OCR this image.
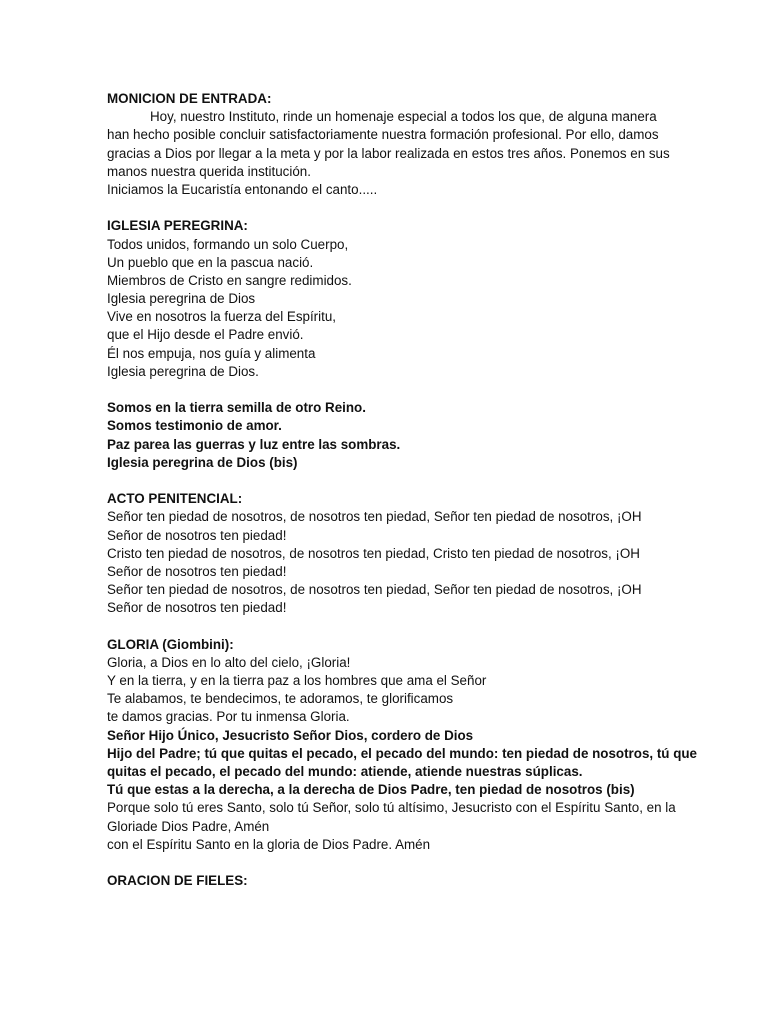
MONICION DE ENTRADA:
Hoy, nuestro Instituto, rinde un homenaje especial a todos los que, de alguna manera
han hecho posible concluir satisfactoriamente nuestra formación profesional. Por ello, damos
gracias a Dios por llegar a la meta y por la labor realizada en estos tres años. Ponemos en sus
manos nuestra querida institución.
Iniciamos la Eucaristía entonando el canto.....
IGLESIA PEREGRINA:
Todos unidos, formando un solo Cuerpo,
Un pueblo que en la pascua nació.
Miembros de Cristo en sangre redimidos.
Iglesia peregrina de Dios
Vive en nosotros la fuerza del Espíritu,
que el Hijo desde el Padre envió.
Él nos empuja, nos guía y alimenta
Iglesia peregrina de Dios.
Somos en la tierra semilla de otro Reino.
Somos testimonio de amor.
Paz parea las guerras y luz entre las sombras.
Iglesia peregrina de Dios (bis)
ACTO PENITENCIAL:
Señor ten piedad de nosotros, de nosotros ten piedad, Señor ten piedad de nosotros, ¡OH
Señor de nosotros ten piedad!
Cristo ten piedad de nosotros, de nosotros ten piedad, Cristo ten piedad de nosotros, ¡OH
Señor de nosotros ten piedad!
Señor ten piedad de nosotros, de nosotros ten piedad, Señor ten piedad de nosotros, ¡OH
Señor de nosotros ten piedad!
GLORIA (Giombini):
Gloria, a Dios en lo alto del cielo, ¡Gloria!
Y en la tierra, y en la tierra paz a los hombres que ama el Señor
Te alabamos, te bendecimos, te adoramos, te glorificamos
te damos gracias. Por tu inmensa Gloria.
Señor Hijo Único, Jesucristo Señor Dios, cordero de Dios
Hijo del Padre; tú que quitas el pecado, el pecado del mundo: ten piedad de nosotros, tú que
quitas el pecado, el pecado del mundo: atiende, atiende nuestras súplicas.
Tú que estas a la derecha, a la derecha de Dios Padre, ten piedad de nosotros (bis)
Porque solo tú eres Santo, solo tú Señor, solo tú altísimo, Jesucristo con el Espíritu Santo, en la
Gloriade Dios Padre, Amén
con el Espíritu Santo en la gloria de Dios Padre. Amén
ORACION DE FIELES:
